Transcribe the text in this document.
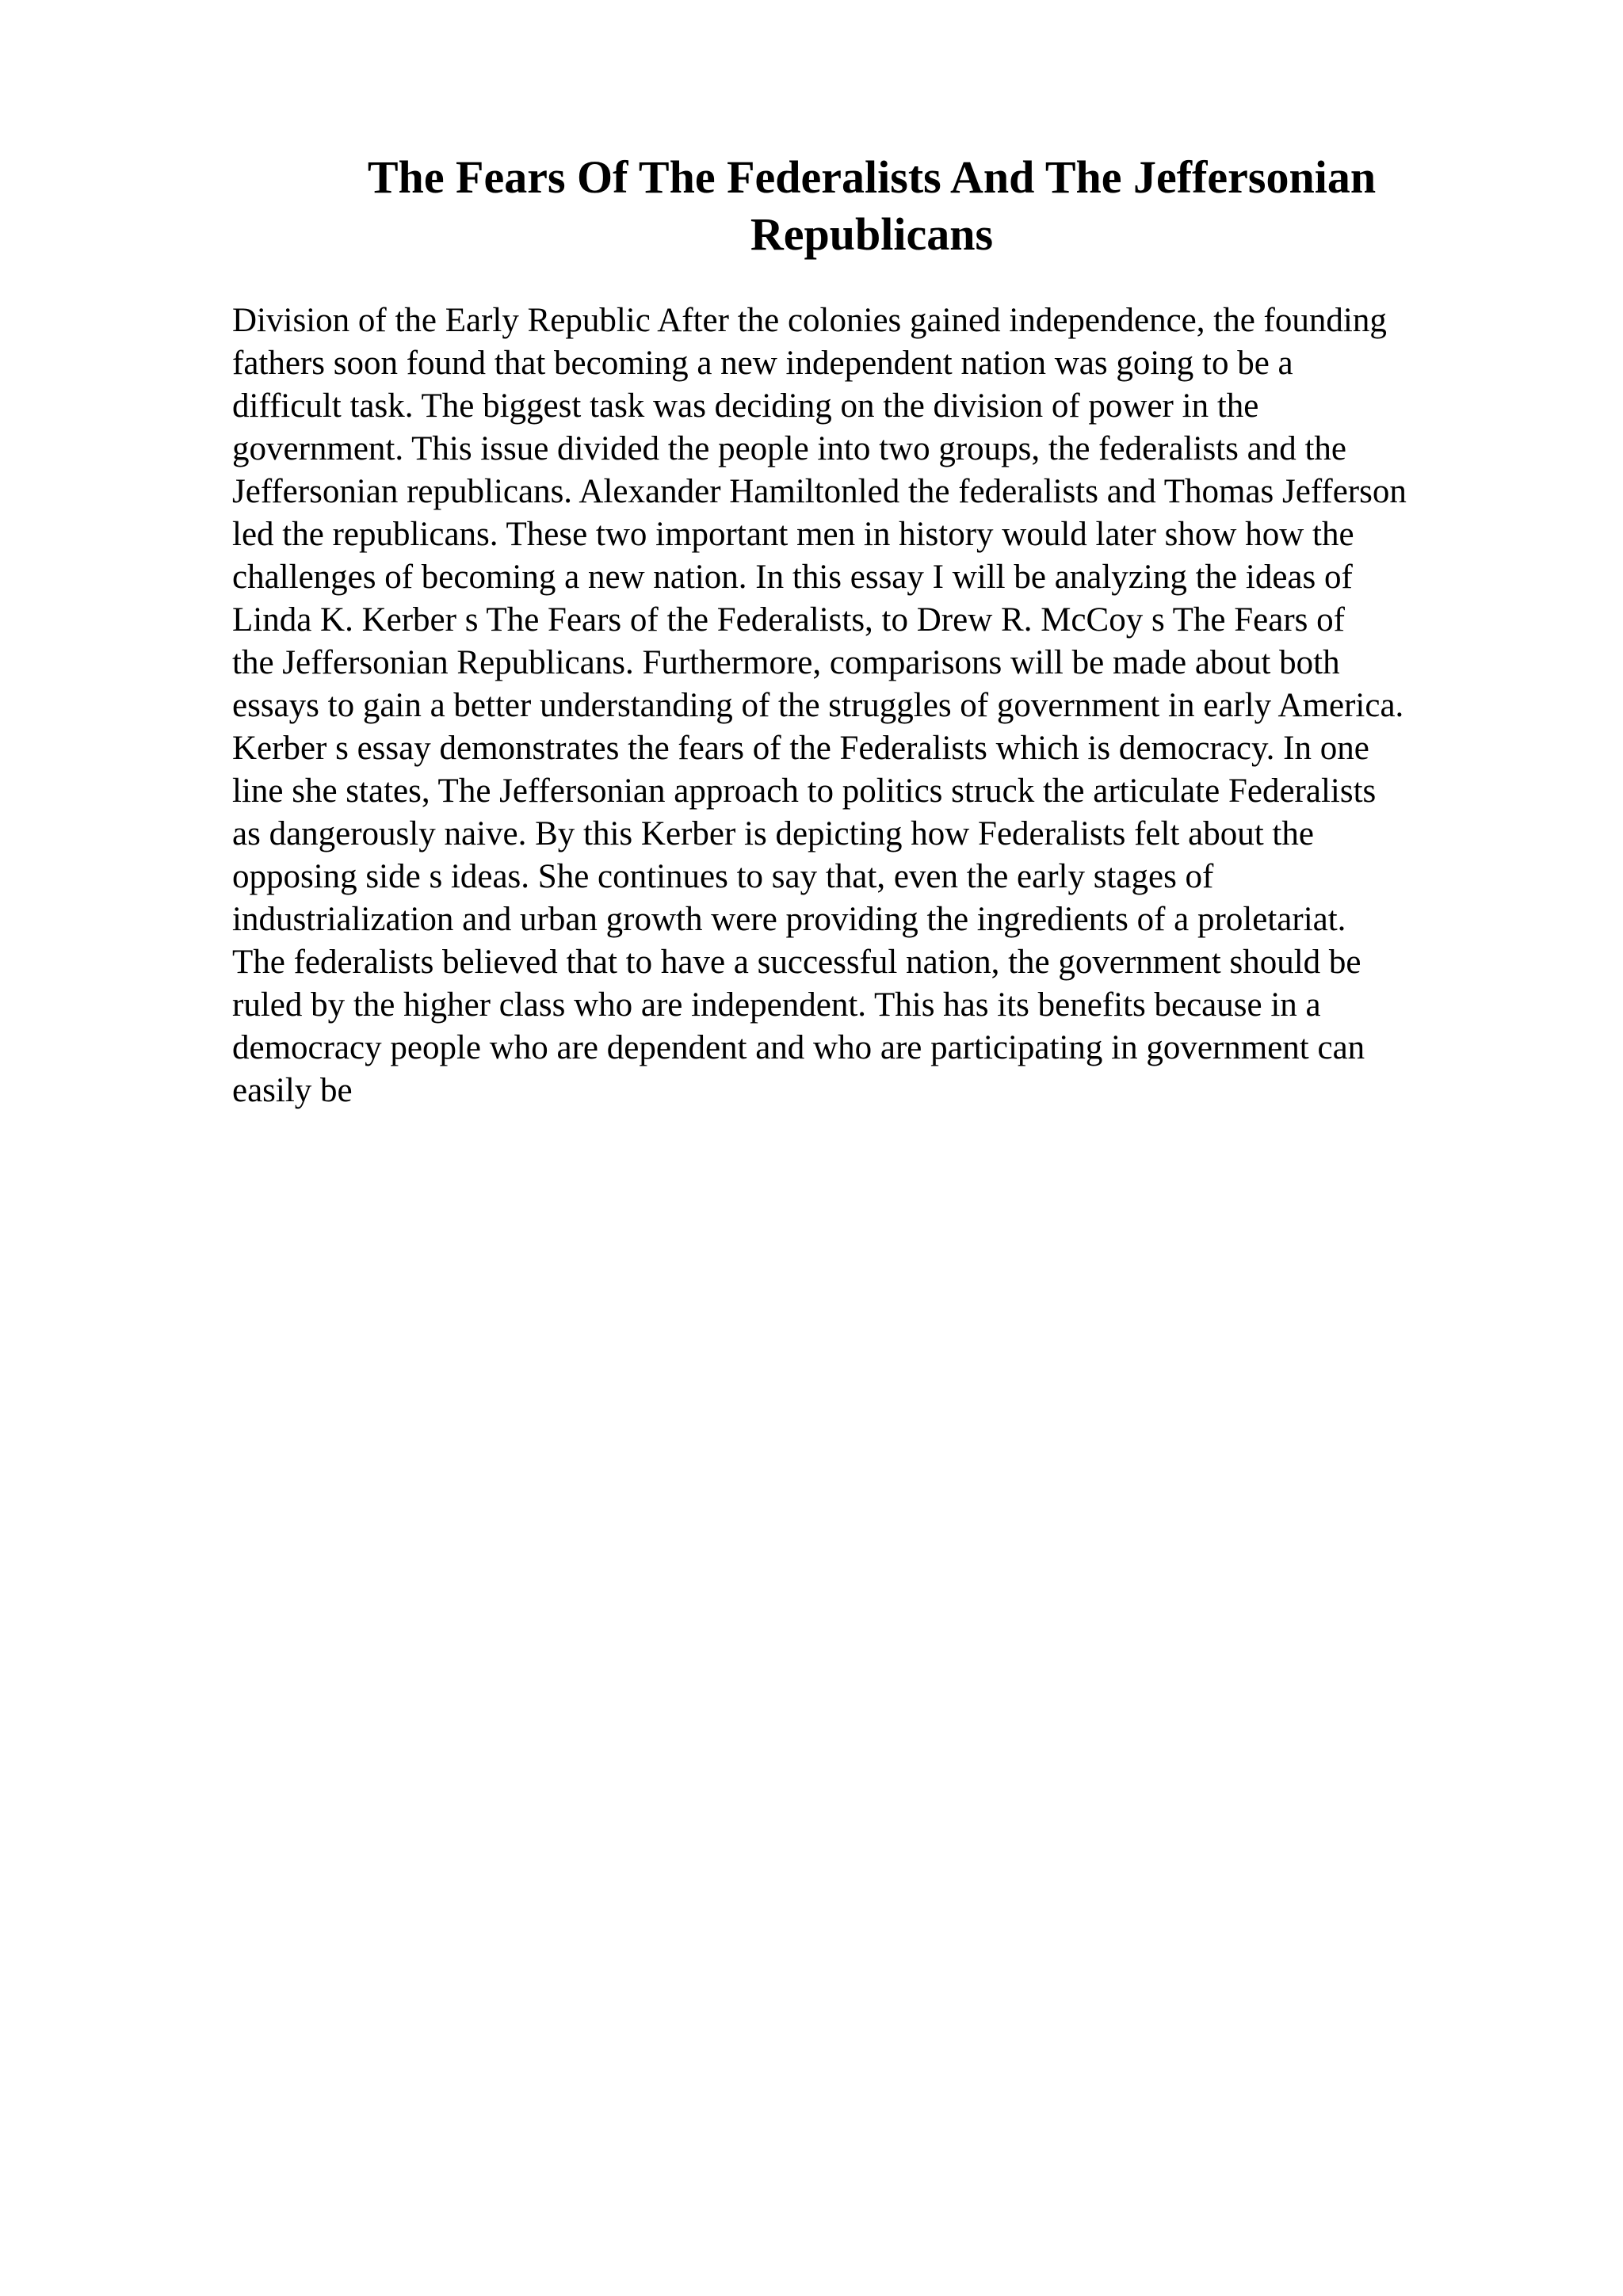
The Fears Of The Federalists And The Jeffersonian
Republicans
Division of the Early Republic After the colonies gained independence, the founding
fathers soon found that becoming a new independent nation was going to be a
difficult task. The biggest task was deciding on the division of power in the
government. This issue divided the people into two groups, the federalists and the
Jeffersonian republicans. Alexander Hamiltonled the federalists and Thomas Jefferson
led the republicans. These two important men in history would later show how the
challenges of becoming a new nation. In this essay I will be analyzing the ideas of
Linda K. Kerber s The Fears of the Federalists, to Drew R. McCoy s The Fears of
the Jeffersonian Republicans. Furthermore, comparisons will be made about both
essays to gain a better understanding of the struggles of government in early America.
Kerber s essay demonstrates the fears of the Federalists which is democracy. In one
line she states, The Jeffersonian approach to politics struck the articulate Federalists
as dangerously naive. By this Kerber is depicting how Federalists felt about the
opposing side s ideas. She continues to say that, even the early stages of
industrialization and urban growth were providing the ingredients of a proletariat.
The federalists believed that to have a successful nation, the government should be
ruled by the higher class who are independent. This has its benefits because in a
democracy people who are dependent and who are participating in government can
easily be
